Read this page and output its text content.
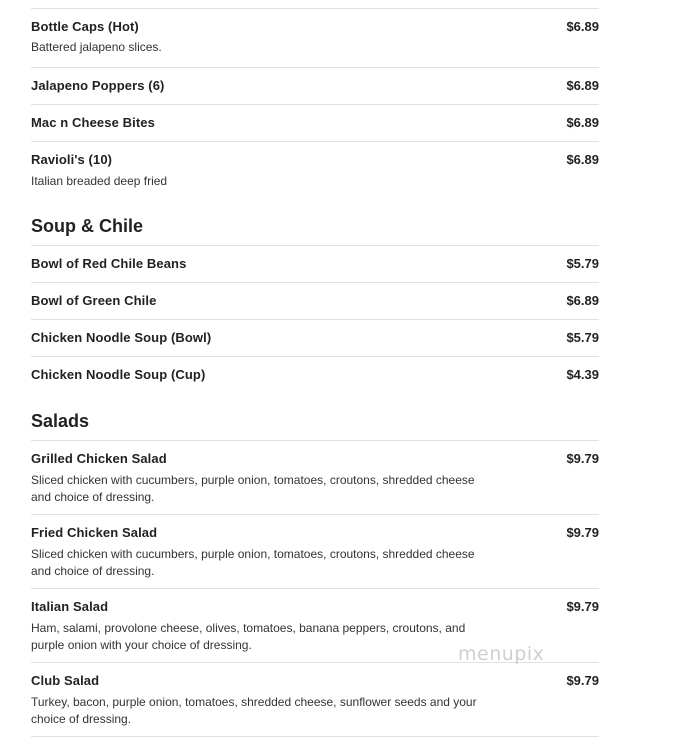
$6.89
Bottle Caps (Hot)
Battered jalapeno slices.
$6.89
Jalapeno Poppers (6)
$6.89
Mac n Cheese Bites
$6.89
Ravioli's (10)
Italian breaded deep fried
Soup & Chile
$5.79
Bowl of Red Chile Beans
$6.89
Bowl of Green Chile
$5.79
Chicken Noodle Soup (Bowl)
$4.39
Chicken Noodle Soup (Cup)
Salads
$9.79
Grilled Chicken Salad
Sliced chicken with cucumbers, purple onion, tomatoes, croutons, shredded cheese and choice of dressing.
$9.79
Fried Chicken Salad
Sliced chicken with cucumbers, purple onion, tomatoes, croutons, shredded cheese and choice of dressing.
$9.79
Italian Salad
Ham, salami, provolone cheese, olives, tomatoes, banana peppers, croutons, and purple onion with your choice of dressing.
$9.79
Club Salad
Turkey, bacon, purple onion, tomatoes, shredded cheese, sunflower seeds and your choice of dressing.
menupix
